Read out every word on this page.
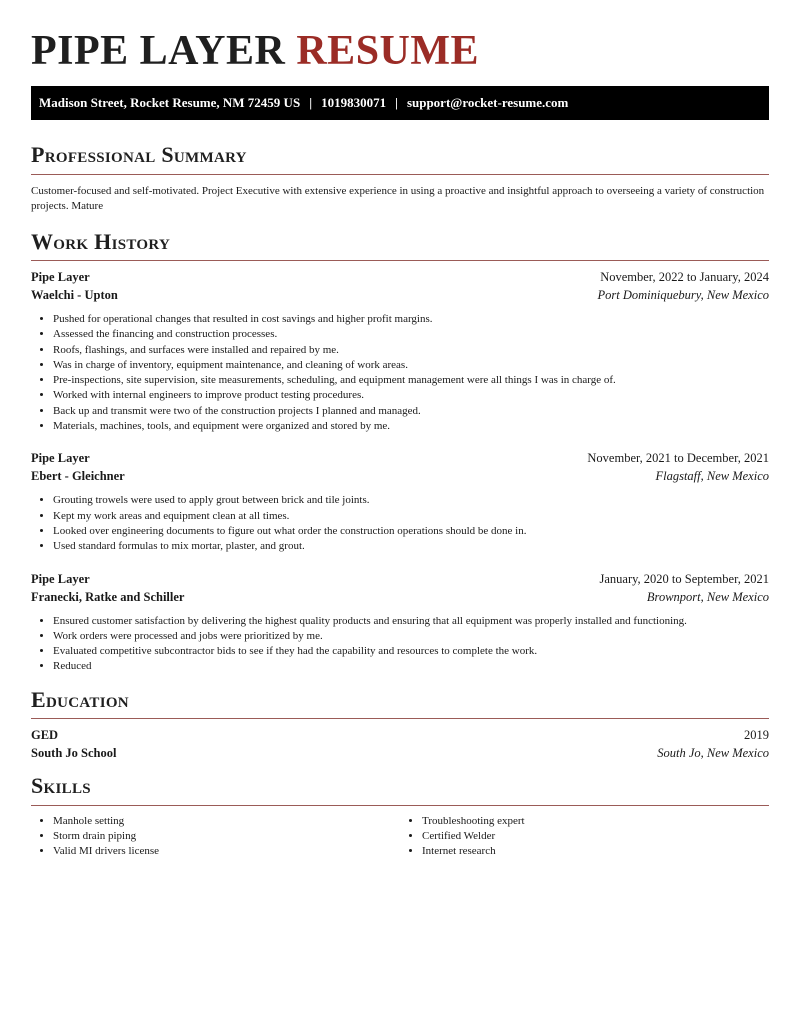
PIPE LAYER RESUME
Madison Street, Rocket Resume, NM 72459 US | 1019830071 | support@rocket-resume.com
Professional Summary

Customer-focused and self-motivated. Project Executive with extensive experience in using a proactive and insightful approach to overseeing a variety of construction projects. Mature

Work History
Pipe Layer	November, 2022 to January, 2024
Waelchi - Upton	Port Dominiquebury, New Mexico
• Pushed for operational changes that resulted in cost savings and higher profit margins.
• Assessed the financing and construction processes.
• Roofs, flashings, and surfaces were installed and repaired by me.
• Was in charge of inventory, equipment maintenance, and cleaning of work areas.
• Pre-inspections, site supervision, site measurements, scheduling, and equipment management were all things I was in charge of.
• Worked with internal engineers to improve product testing procedures.
• Back up and transmit were two of the construction projects I planned and managed.
• Materials, machines, tools, and equipment were organized and stored by me.
Pipe Layer	November, 2021 to December, 2021
Ebert - Gleichner	Flagstaff, New Mexico
• Grouting trowels were used to apply grout between brick and tile joints.
• Kept my work areas and equipment clean at all times.
• Looked over engineering documents to figure out what order the construction operations should be done in.
• Used standard formulas to mix mortar, plaster, and grout.
Pipe Layer	January, 2020 to September, 2021
Franecki, Ratke and Schiller	Brownport, New Mexico
• Ensured customer satisfaction by delivering the highest quality products and ensuring that all equipment was properly installed and functioning.
• Work orders were processed and jobs were prioritized by me.
• Evaluated competitive subcontractor bids to see if they had the capability and resources to complete the work.
• Reduced
Education
GED	2019
South Jo School	South Jo, New Mexico
Skills
• Manhole setting
• Storm drain piping
• Valid MI drivers license
• Troubleshooting expert
• Certified Welder
• Internet research
